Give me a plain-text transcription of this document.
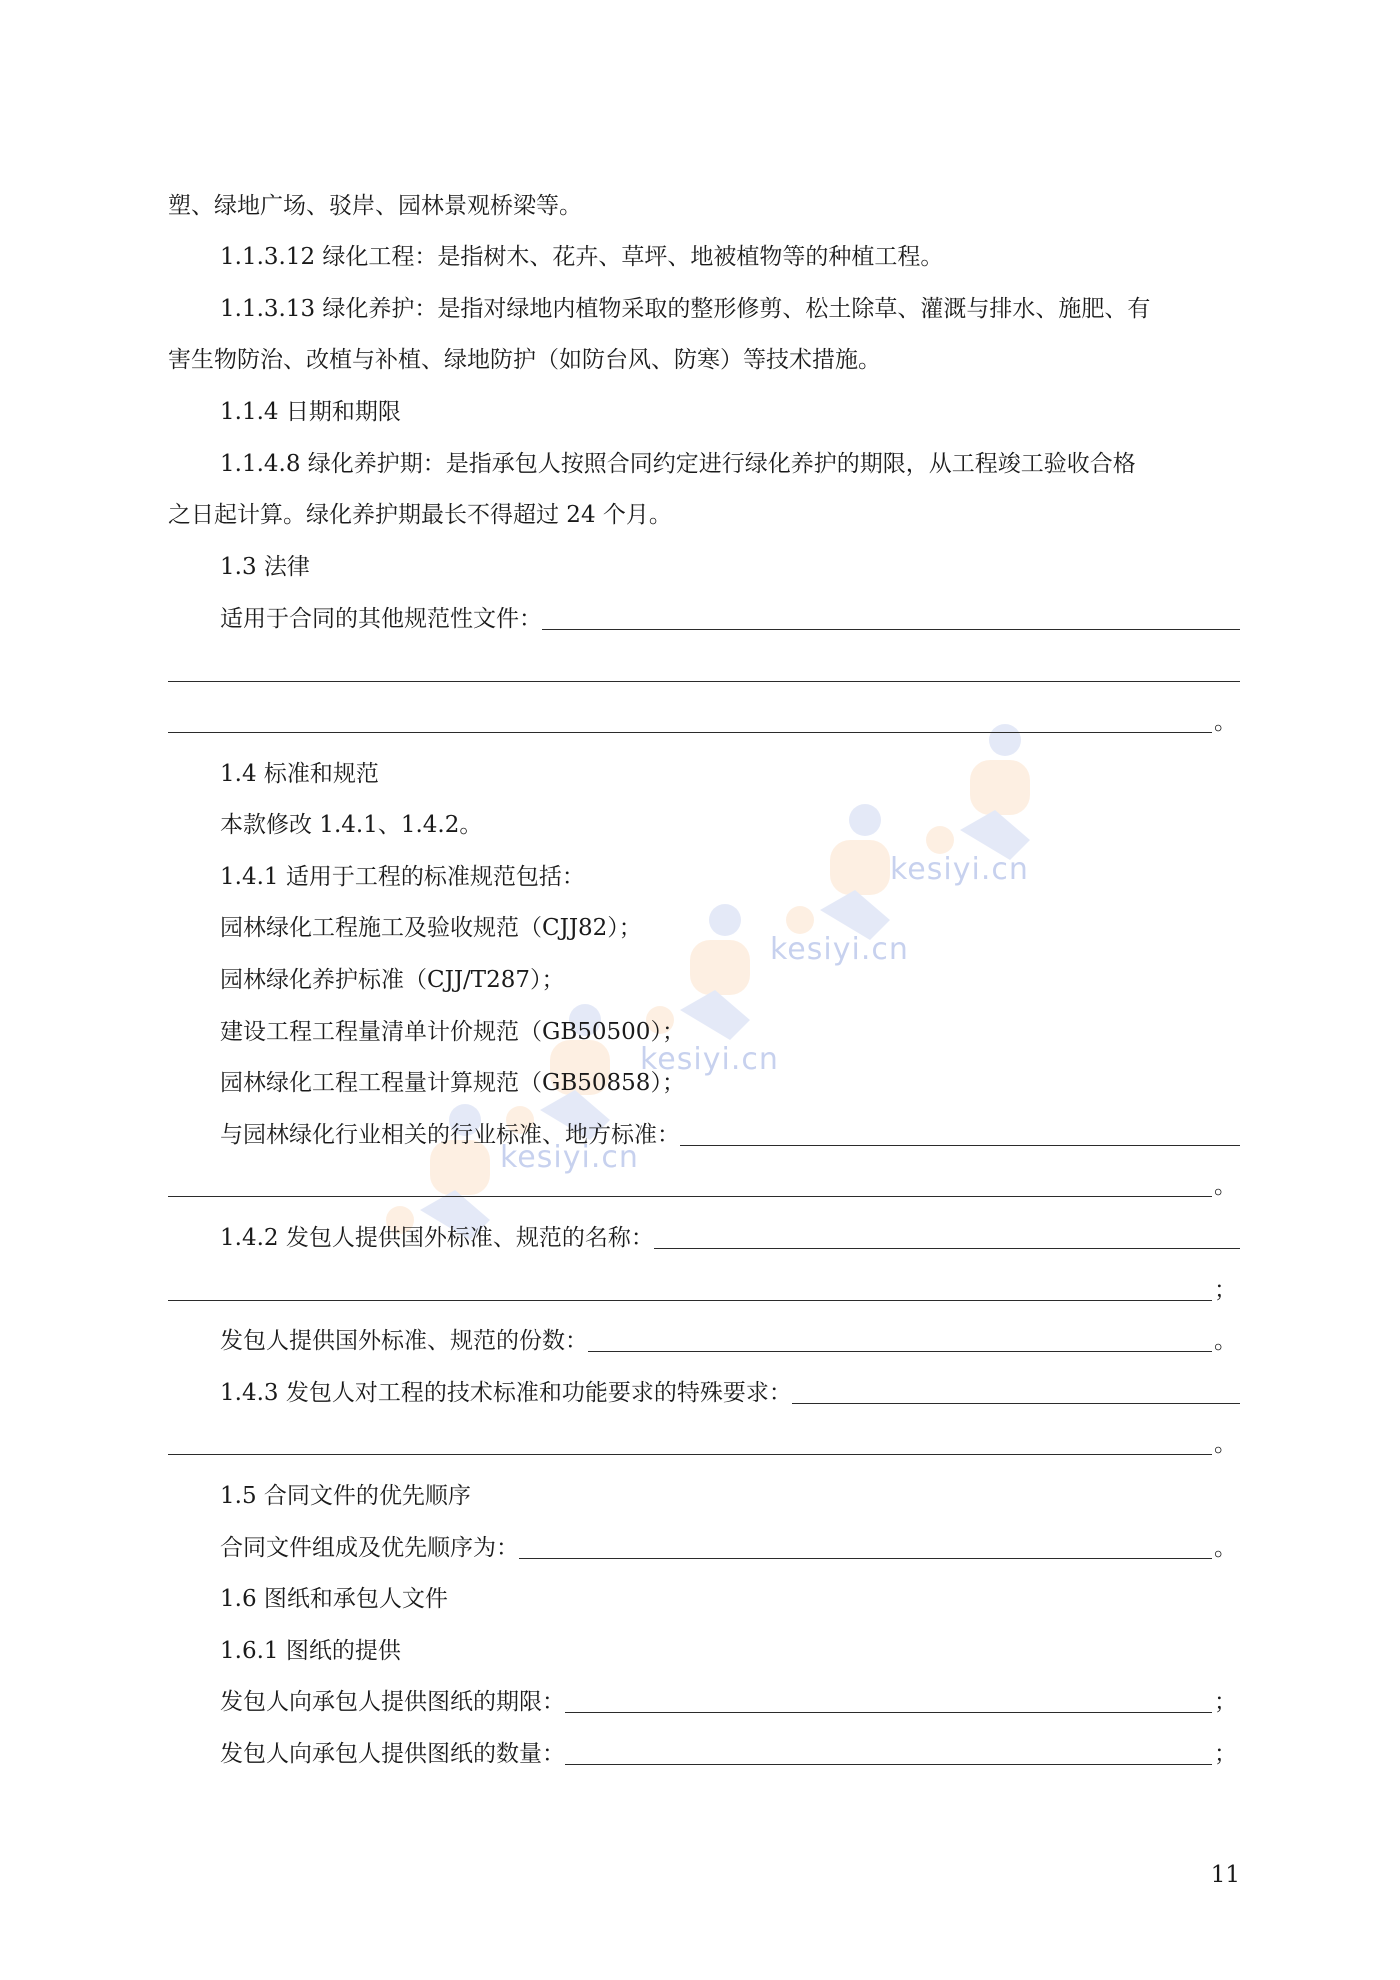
kesiyi.cn
kesiyi.cn
kesiyi.cn
kesiyi.cn
塑、绿地广场、驳岸、园林景观桥梁等。
1.1.3.12 绿化工程：是指树木、花卉、草坪、地被植物等的种植工程。
1.1.3.13 绿化养护：是指对绿地内植物采取的整形修剪、松土除草、灌溉与排水、施肥、有
害生物防治、改植与补植、绿地防护（如防台风、防寒）等技术措施。
1.1.4 日期和期限
1.1.4.8 绿化养护期：是指承包人按照合同约定进行绿化养护的期限，从工程竣工验收合格
之日起计算。绿化养护期最长不得超过 24 个月。
1.3 法律
适用于合同的其他规范性文件：
。
1.4 标准和规范
本款修改 1.4.1、1.4.2。
1.4.1 适用于工程的标准规范包括：
园林绿化工程施工及验收规范（CJJ82）；
园林绿化养护标准（CJJ/T287）；
建设工程工程量清单计价规范（GB50500）；
园林绿化工程工程量计算规范（GB50858）；
与园林绿化行业相关的行业标准、地方标准：
。
1.4.2 发包人提供国外标准、规范的名称：
；
发包人提供国外标准、规范的份数：	。
1.4.3 发包人对工程的技术标准和功能要求的特殊要求：
。
1.5 合同文件的优先顺序
合同文件组成及优先顺序为：	。
1.6 图纸和承包人文件
1.6.1 图纸的提供
发包人向承包人提供图纸的期限：	；
发包人向承包人提供图纸的数量：	；
11
